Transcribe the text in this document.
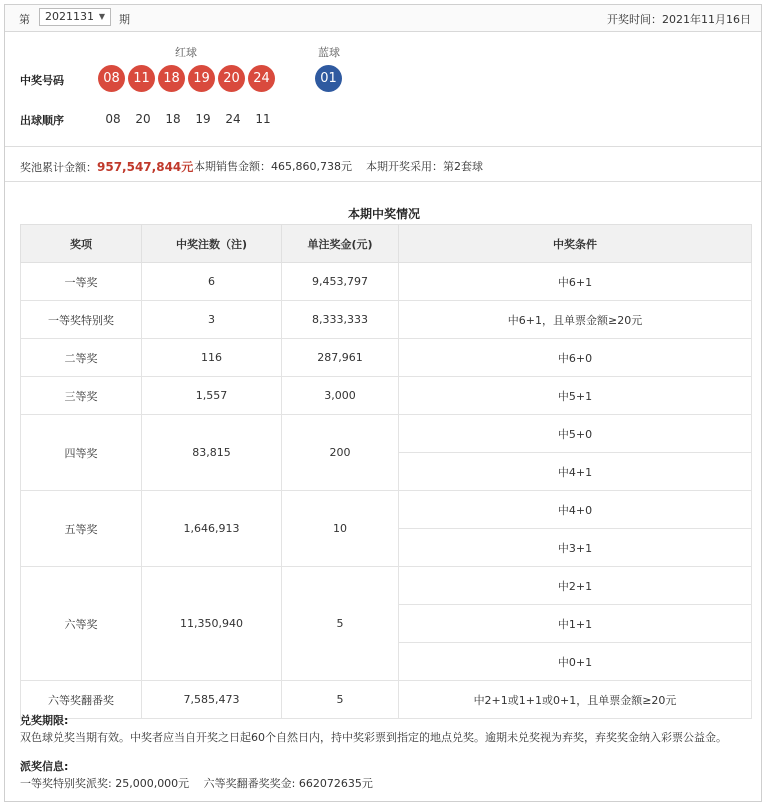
第	2021131 ▼ 期	开奖时间：2021年11月16日
红球	蓝球
中奖号码	08	11	18	19	20	24	01
出球顺序	08	20	18	19	24	11
奖池累计金额：957,547,844元 本期销售金额：465,860,738元 本期开奖采用：第2套球
本期中奖情况
奖项	中奖注数（注)	单注奖金(元)	中奖条件
一等奖	6	9,453,797	中6+1
一等奖特别奖	3	8,333,333	中6+1，且单票金额≥20元
二等奖	116	287,961	中6+0
三等奖	1,557	3,000	中5+1
四等奖	83,815	200	中5+0
			中4+1
五等奖	1,646,913	10	中4+0
			中3+1
六等奖	11,350,940	5	中2+1
			中1+1
			中0+1
六等奖翻番奖	7,585,473	5	中2+1或1+1或0+1，且单票金额≥20元
兑奖期限:
双色球兑奖当期有效。中奖者应当自开奖之日起60个自然日内，持中奖彩票到指定的地点兑奖。逾期未兑奖视为弃奖，弃奖奖金纳入彩票公益金。
派奖信息:
一等奖特别奖派奖: 25,000,000元　 六等奖翻番奖奖金: 662072635元
